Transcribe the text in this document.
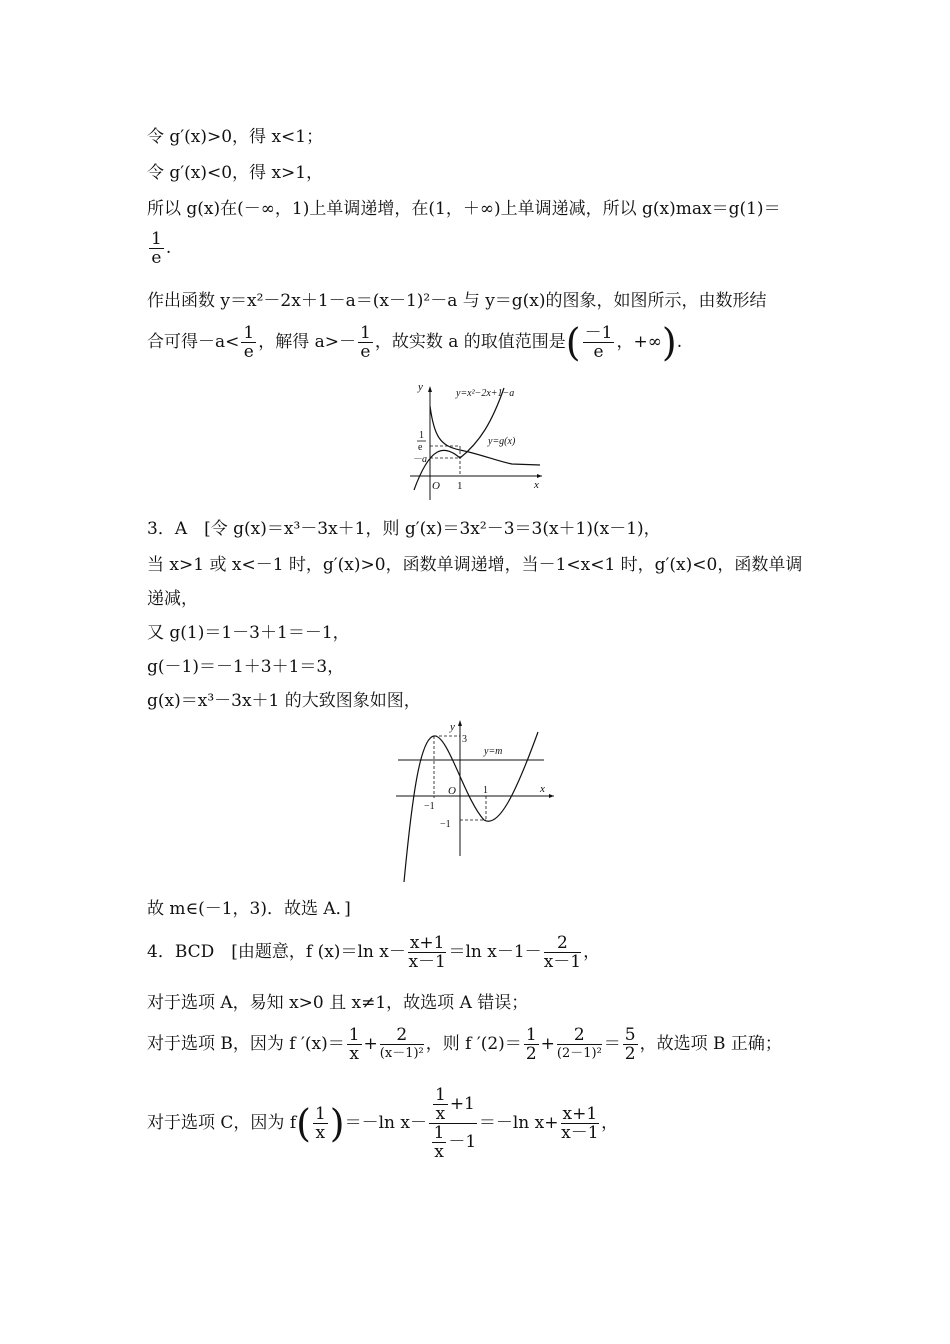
令 g′(x)>0，得 x<1；
令 g′(x)<0，得 x>1，
所以 g(x)在(－∞，1)上单调递增，在(1，＋∞)上单调递减，所以 g(x)max＝g(1)＝
$\frac{1}{e}$ .
作出函数 y＝x²－2x＋1－a＝(x－1)²－a 与 y＝g(x)的图象，如图所示，由数形结
合可得$-a< \frac{1}{e}$ ，解得 $a>- \frac{1}{e}$ ，故实数 a 的取值范围是( $\frac{-1}{e}$ ，+∞).
y
x
O 1
1
e
－a
y=x²−2x+1−a
y=g(x)
3．A　[令 g(x)＝x³－3x＋1，则 g′(x)＝3x²－3＝3(x＋1)(x－1)，
当 x>1 或 x<－1 时，g′(x)>0，函数单调递增，当－1<x<1 时，g′(x)<0，函数单调
递减，
又 g(1)＝1－3＋1＝－1，
g(－1)＝－1＋3＋1＝3，
g(x)＝x³－3x＋1 的大致图象如图，
y
x
O
3
−1
1
−1
y=m
故 m∈(－1，3)．故选 A．]
4．BCD　[由题意，f (x)＝ln $x- \frac{x+1}{x-1} =\ln$ $x-1- \frac{2}{x-1}$ ，
对于选项 A，易知 x>0 且 x≠1，故选项 A 错误；
对于选项 B，因为 f $'(x)= \frac{1}{x} + \frac{2}{\text{(x－1)²}}$ ，则 f $'(2)= \frac{1}{2} + \frac{2}{\text{(2－1)²}} = \frac{5}{2}$ ，故选项 B 正确；
对于选项 C，因为 $f( \frac{1}{x} )=-\ln$ $x- \frac{\frac{1}{x} +1}{\frac{1}{x} -1} =-\ln$ $x+ \frac{x+1}{x-1}$ ，
